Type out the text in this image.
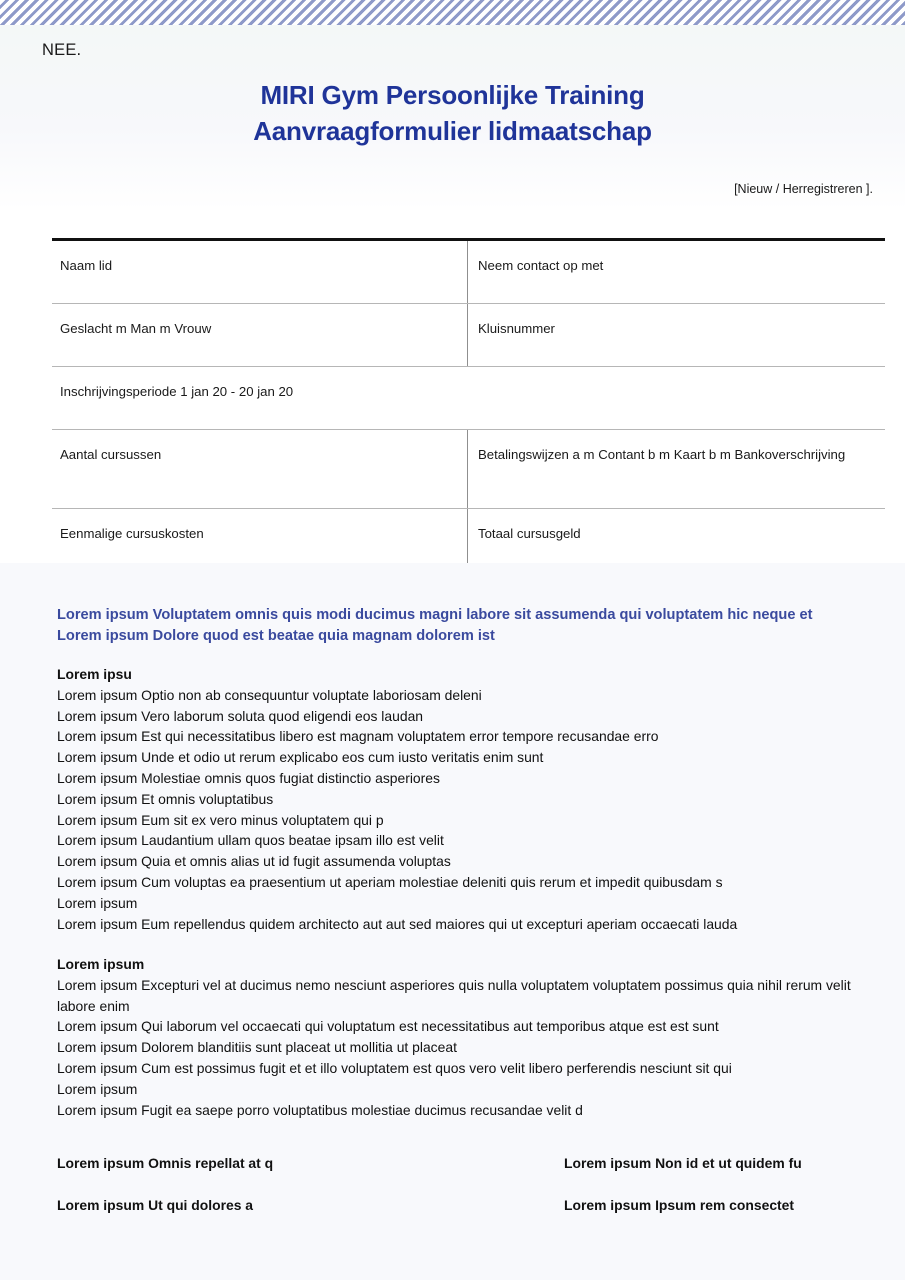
NEE.
MIRI Gym Persoonlijke Training
Aanvraagformulier lidmaatschap
[Nieuw / Herregistreren ].
Naam lid	Neem contact op met
Geslacht m Man m Vrouw	Kluisnummer
Inschrijvingsperiode 1 jan 20 - 20 jan 20	
Aantal cursussen	Betalingswijzen a m Contant b m Kaart b m Bankoverschrijving
Eenmalige cursuskosten	Totaal cursusgeld
Lorem ipsum Voluptatem omnis quis modi ducimus magni labore sit assumenda qui voluptatem hic neque et
Lorem ipsum Dolore quod est beatae quia magnam dolorem ist
Lorem ipsu
Lorem ipsum Optio non ab consequuntur voluptate laboriosam deleni
Lorem ipsum Vero laborum soluta quod eligendi eos laudan
Lorem ipsum Est qui necessitatibus libero est magnam voluptatem error tempore recusandae erro
Lorem ipsum Unde et odio ut rerum explicabo eos cum iusto veritatis enim sunt
Lorem ipsum Molestiae omnis quos fugiat distinctio asperiores
Lorem ipsum Et omnis voluptatibus
Lorem ipsum Eum sit ex vero minus voluptatem qui p
Lorem ipsum Laudantium ullam quos beatae ipsam illo est velit
Lorem ipsum Quia et omnis alias ut id fugit assumenda voluptas
Lorem ipsum Cum voluptas ea praesentium ut aperiam molestiae deleniti quis rerum et impedit quibusdam s
Lorem ipsum
Lorem ipsum Eum repellendus quidem architecto aut aut sed maiores qui ut excepturi aperiam occaecati lauda
Lorem ipsum
Lorem ipsum Excepturi vel at ducimus nemo nesciunt asperiores quis nulla voluptatem voluptatem possimus quia nihil rerum velit labore enim
Lorem ipsum Qui laborum vel occaecati qui voluptatum est necessitatibus aut temporibus atque est est sunt
Lorem ipsum Dolorem blanditiis sunt placeat ut mollitia ut placeat
Lorem ipsum Cum est possimus fugit et et illo voluptatem est quos vero velit libero perferendis nesciunt sit qui
Lorem ipsum
Lorem ipsum Fugit ea saepe porro voluptatibus molestiae ducimus recusandae velit d
Lorem ipsum Omnis repellat at q	Lorem ipsum Non id et ut quidem fu
Lorem ipsum Ut qui dolores a	Lorem ipsum Ipsum rem consectet
